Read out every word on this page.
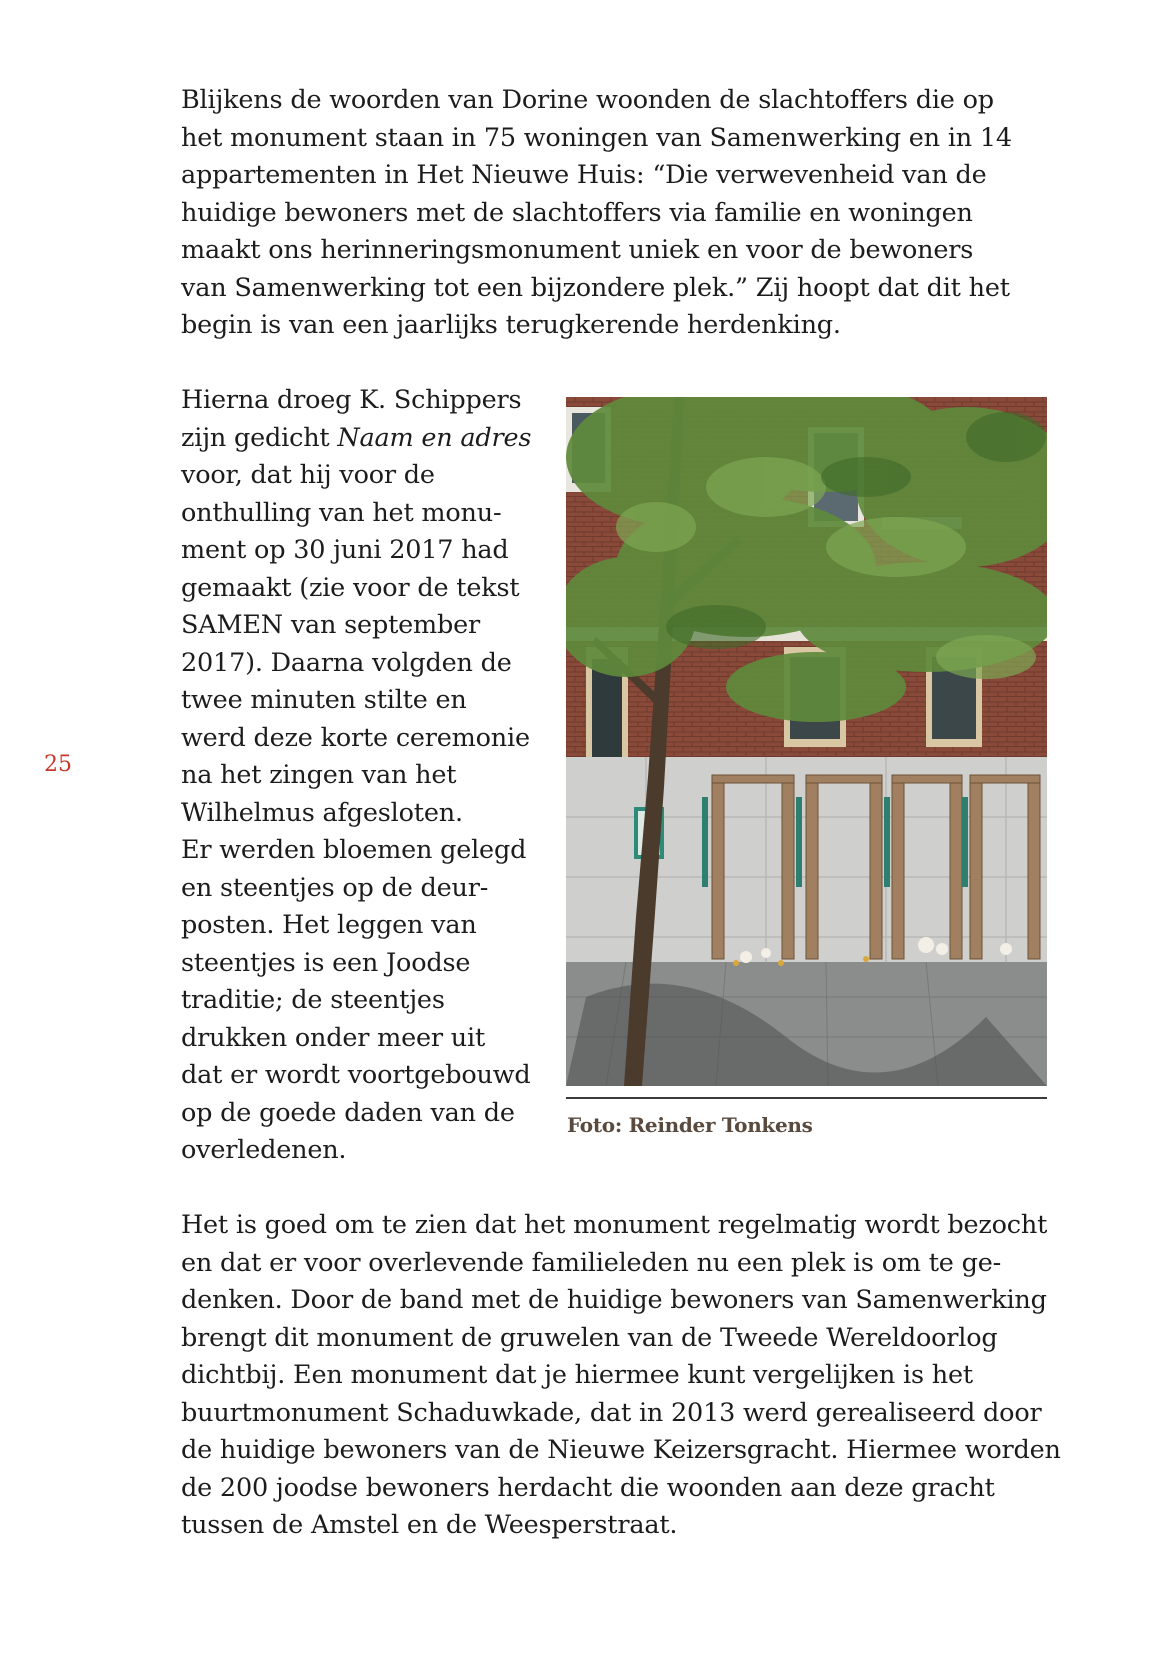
25
Blijkens de woorden van Dorine woonden de slachtoffers die op
het monument staan in 75 woningen van Samenwerking en in 14
appartementen in Het Nieuwe Huis: “Die verwevenheid van de
huidige bewoners met de slachtoffers via familie en woningen
maakt ons herinneringsmonument uniek en voor de bewoners
van Samenwerking tot een bijzondere plek.” Zij hoopt dat dit het
begin is van een jaarlijks terugkerende herdenking.
Hierna droeg K. Schippers
zijn gedicht Naam en adres
voor, dat hij voor de
onthulling van het monu-
ment op 30 juni 2017 had
gemaakt (zie voor de tekst
SAMEN van september
2017). Daarna volgden de
twee minuten stilte en
werd deze korte ceremonie
na het zingen van het
Wilhelmus afgesloten.
Er werden bloemen gelegd
en steentjes op de deur-
posten. Het leggen van
steentjes is een Joodse
traditie; de steentjes
drukken onder meer uit
dat er wordt voortgebouwd
op de goede daden van de
overledenen.
Foto: Reinder Tonkens
Het is goed om te zien dat het monument regelmatig wordt bezocht
en dat er voor overlevende familieleden nu een plek is om te ge-
denken. Door de band met de huidige bewoners van Samenwerking
brengt dit monument de gruwelen van de Tweede Wereldoorlog
dichtbij. Een monument dat je hiermee kunt vergelijken is het
buurtmonument Schaduwkade, dat in 2013 werd gerealiseerd door
de huidige bewoners van de Nieuwe Keizersgracht. Hiermee worden
de 200 joodse bewoners herdacht die woonden aan deze gracht
tussen de Amstel en de Weesperstraat.
